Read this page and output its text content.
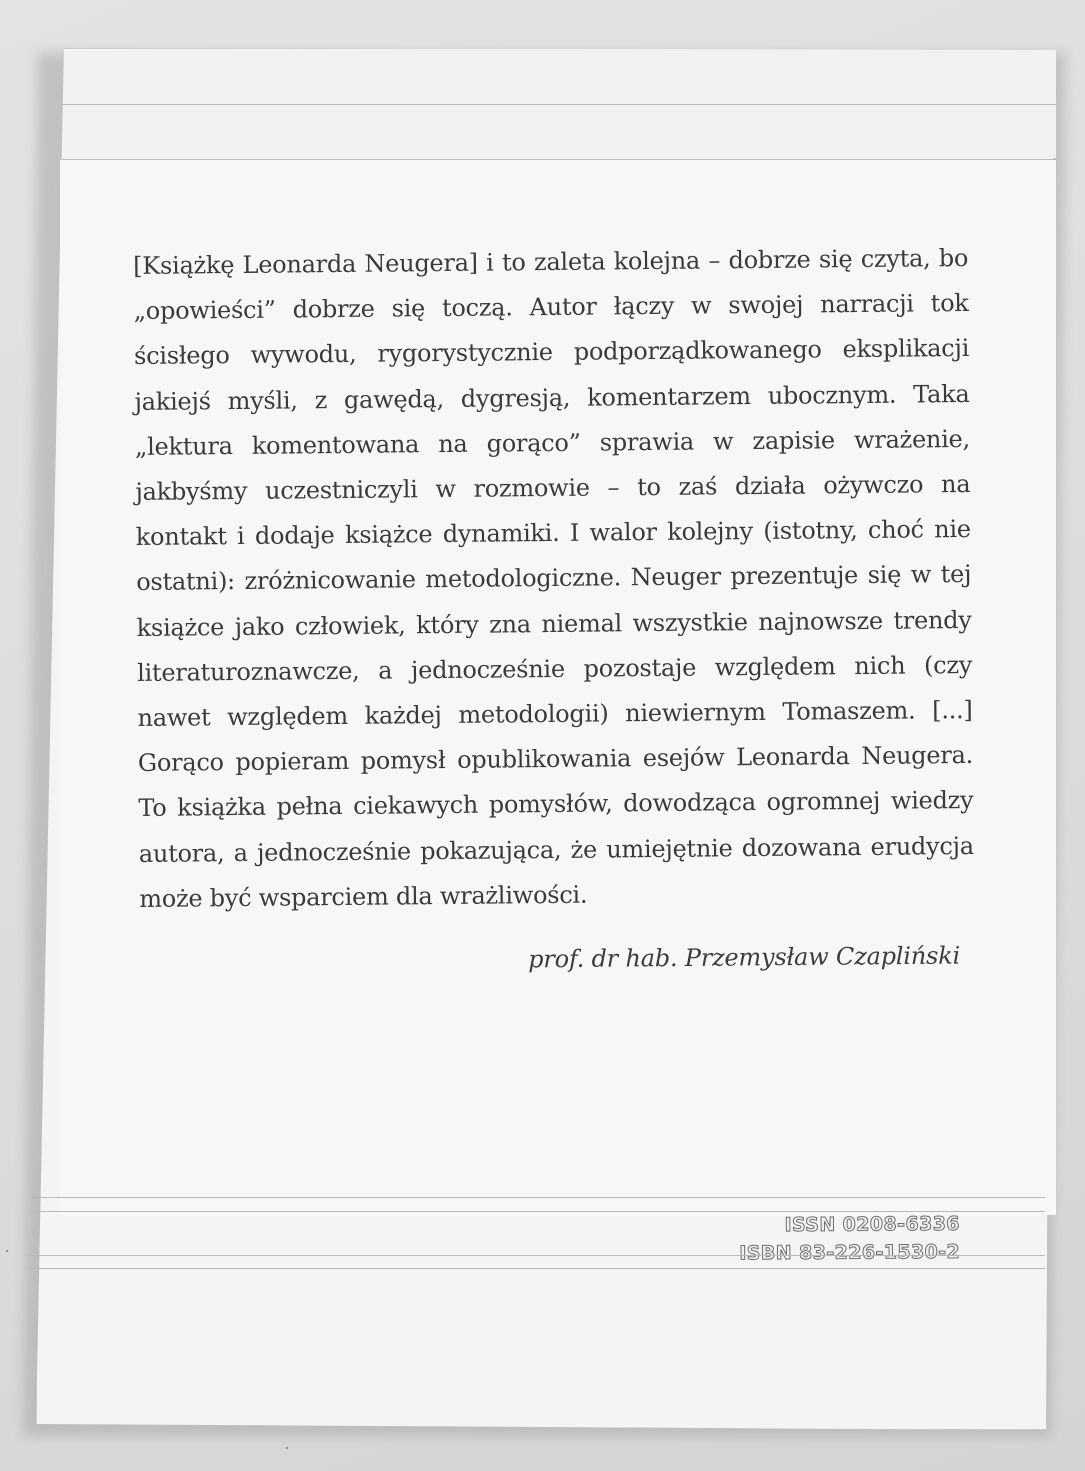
[Książkę Leonarda Neugera] i to zaleta kolejna – dobrze się czyta, bo „opowieści” dobrze się toczą. Autor łączy w swojej narracji tok ścisłego wywodu, rygorystycznie podporządkowanego eksplikacji jakiejś myśli, z gawędą, dygresją, komentarzem ubocznym. Taka „lektura komentowana na gorąco” sprawia w zapisie wrażenie, jakbyśmy uczestniczyli w rozmowie – to zaś działa ożywczo na kontakt i dodaje książce dynamiki. I walor kolejny (istotny, choć nie ostatni): zróżnicowanie metodologiczne. Neuger prezentuje się w tej książce jako człowiek, który zna niemal wszystkie najnowsze trendy literaturoznawcze, a jednocześnie pozostaje względem nich (czy nawet względem każdej metodologii) niewiernym Tomaszem. [...] Gorąco popieram pomysł opublikowania esejów Leonarda Neugera. To książka pełna ciekawych pomysłów, dowodząca ogromnej wiedzy autora, a jednocześnie pokazująca, że umiejętnie dozowana erudycja może być wsparciem dla wrażliwości.

prof. dr hab. Przemysław Czapliński
ISSN 0208-6336
ISBN 83-226-1530-2
